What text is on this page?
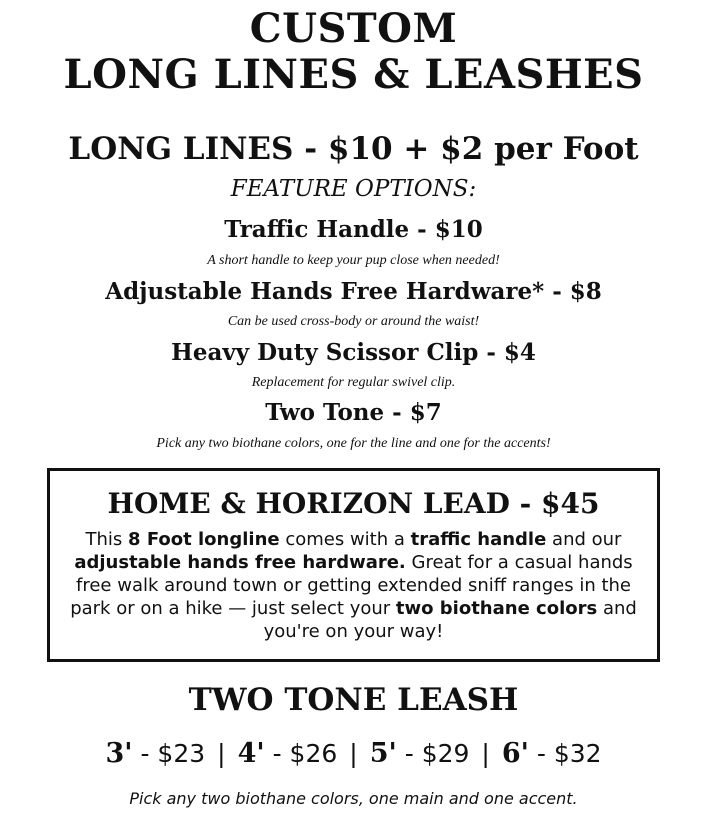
CUSTOM
LONG LINES & LEASHES
LONG LINES - $10 + $2 per Foot
FEATURE OPTIONS:
Traffic Handle - $10
A short handle to keep your pup close when needed!
Adjustable Hands Free Hardware* - $8
Can be used cross-body or around the waist!
Heavy Duty Scissor Clip - $4
Replacement for regular swivel clip.
Two Tone - $7
Pick any two biothane colors, one for the line and one for the accents!
HOME & HORIZON LEAD - $45
This 8 Foot longline comes with a traffic handle and our adjustable hands free hardware. Great for a casual hands free walk around town or getting extended sniff ranges in the park or on a hike — just select your two biothane colors and you're on your way!
TWO TONE LEASH
3' - $23 | 4' - $26 | 5' - $29 | 6' - $32
Pick any two biothane colors, one main and one accent.
